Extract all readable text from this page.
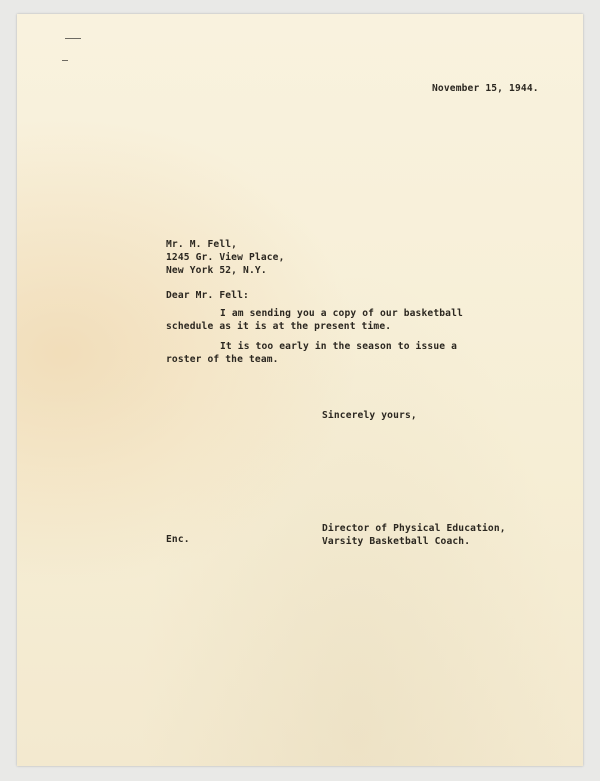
November 15, 1944.
Mr. M. Fell,
1245 Gr. View Place,
New York 52, N.Y.
Dear Mr. Fell:
I am sending you a copy of our basketball
schedule as it is at the present time.
It is too early in the season to issue a
roster of the team.
Sincerely yours,
Enc.
Director of Physical Education,
Varsity Basketball Coach.
